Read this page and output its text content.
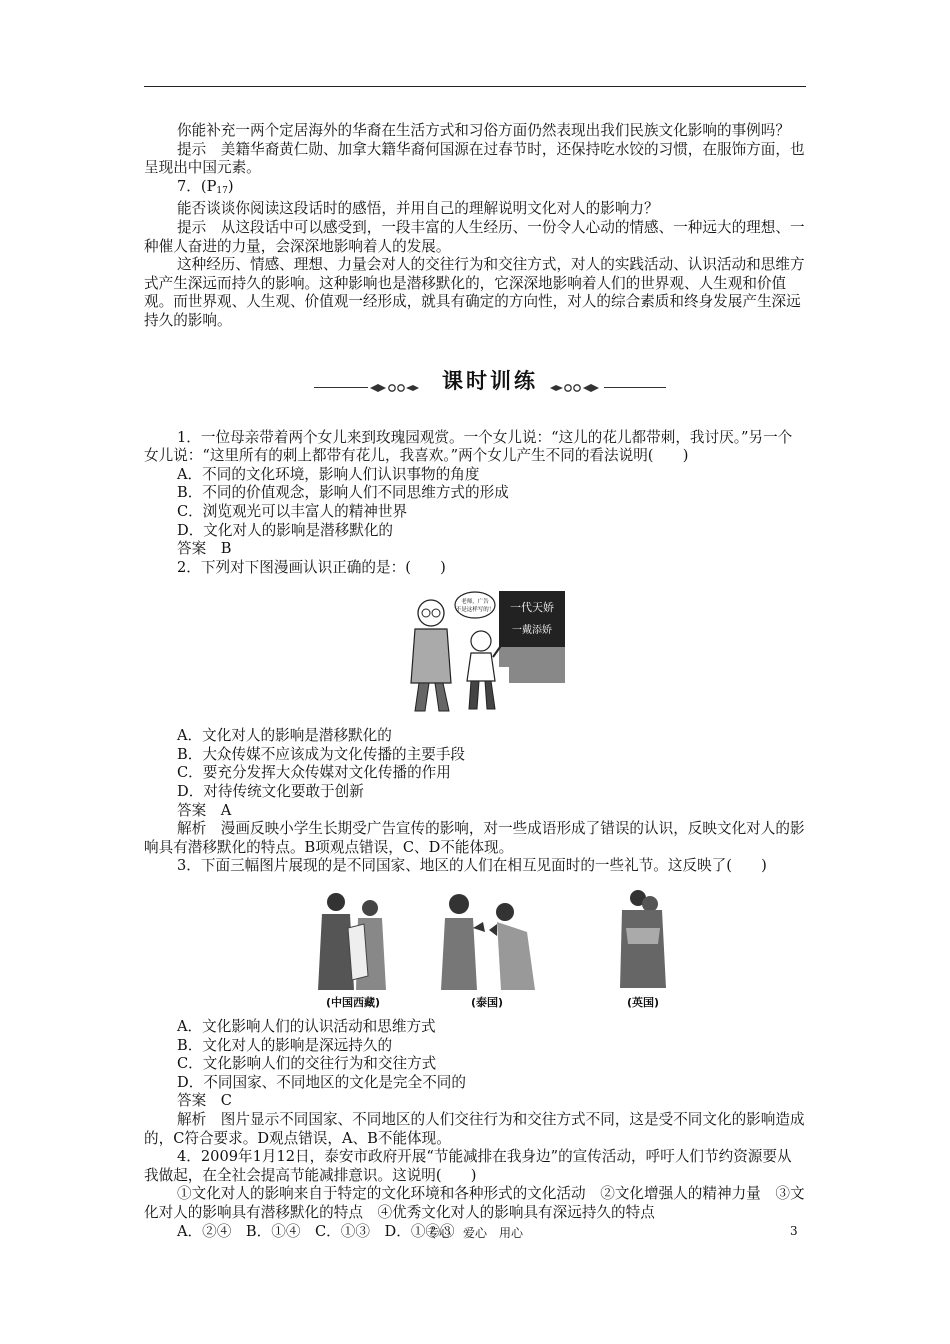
你能补充一两个定居海外的华裔在生活方式和习俗方面仍然表现出我们民族文化影响的事例吗？

提示　美籍华裔黄仁勋、加拿大籍华裔何国源在过春节时，还保持吃水饺的习惯，在服饰方面，也呈现出中国元素。

7．$(P_{17})$

能否谈谈你阅读这段话时的感悟，并用自己的理解说明文化对人的影响力？

提示　从这段话中可以感受到，一段丰富的人生经历、一份令人心动的情感、一种远大的理想、一种催人奋进的力量，会深深地影响着人的发展。

这种经历、情感、理想、力量会对人的交往行为和交往方式，对人的实践活动、认识活动和思维方式产生深远而持久的影响。这种影响也是潜移默化的，它深深地影响着人们的世界观、人生观和价值观。而世界观、人生观、价值观一经形成，就具有确定的方向性，对人的综合素质和终身发展产生深远持久的影响。

课时训练

1．一位母亲带着两个女儿来到玫瑰园观赏。一个女儿说：“这儿的花儿都带刺，我讨厌。”另一个女儿说：“这里所有的刺上都带有花儿，我喜欢。”两个女儿产生不同的看法说明(　　)

A．不同的文化环境，影响人们认识事物的角度

B．不同的价值观念，影响人们不同思维方式的形成

C．浏览观光可以丰富人的精神世界

D．文化对人的影响是潜移默化的

答案　B

2．下列对下图漫画认识正确的是：(　　)

一代天娇
一戴添娇
老师，广告
不是这样写的！

A．文化对人的影响是潜移默化的

B．大众传媒不应该成为文化传播的主要手段

C．要充分发挥大众传媒对文化传播的作用

D．对待传统文化要敢于创新

答案　A

解析　漫画反映小学生长期受广告宣传的影响，对一些成语形成了错误的认识，反映文化对人的影响具有潜移默化的特点。B项观点错误，C、D不能体现。

3．下面三幅图片展现的是不同国家、地区的人们在相互见面时的一些礼节。这反映了(　　)

(中国西藏)	(泰国)	(英国)

A．文化影响人们的认识活动和思维方式

B．文化对人的影响是深远持久的

C．文化影响人们的交往行为和交往方式

D．不同国家、不同地区的文化是完全不同的

答案　C

解析　图片显示不同国家、不同地区的人们交往行为和交往方式不同，这是受不同文化的影响造成的，C符合要求。D观点错误，A、B不能体现。

4．2009年1月12日，泰安市政府开展“节能减排在我身边”的宣传活动，呼吁人们节约资源要从我做起，在全社会提高节能减排意识。这说明(　　)

①文化对人的影响来自于特定的文化环境和各种形式的文化活动　②文化增强人的精神力量　③文化对人的影响具有潜移默化的特点　④优秀文化对人的影响具有深远持久的特点

A．②④　B．①④　C．①③　D．①②③

专心　爱心　用心	3
